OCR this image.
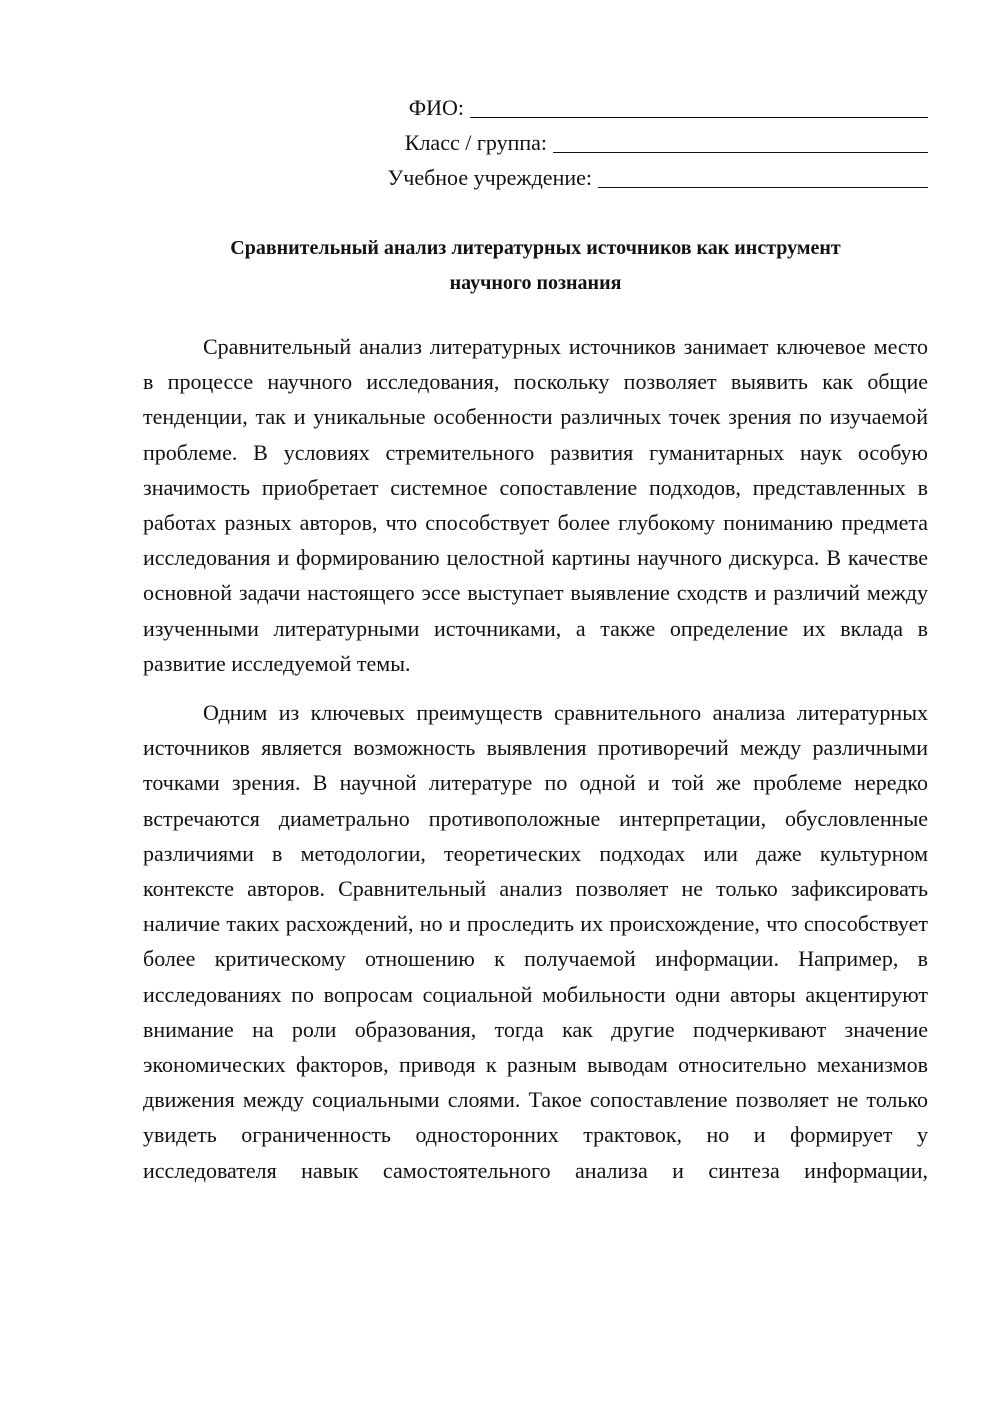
ФИО:
Класс / группа:
Учебное учреждение:
Сравнительный анализ литературных источников как инструмент
научного познания

Сравнительный анализ литературных источников занимает ключевое место в процессе научного исследования, поскольку позволяет выявить как общие тенденции, так и уникальные особенности различных точек зрения по изучаемой проблеме. В условиях стремительного развития гуманитарных наук особую значимость приобретает системное сопоставление подходов, представленных в работах разных авторов, что способствует более глубокому пониманию предмета исследования и формированию целостной картины научного дискурса. В качестве основной задачи настоящего эссе выступает выявление сходств и различий между изученными литературными источниками, а также определение их вклада в развитие исследуемой темы.

Одним из ключевых преимуществ сравнительного анализа литературных источников является возможность выявления противоречий между различными точками зрения. В научной литературе по одной и той же проблеме нередко встречаются диаметрально противоположные интерпретации, обусловленные различиями в методологии, теоретических подходах или даже культурном контексте авторов. Сравнительный анализ позволяет не только зафиксировать наличие таких расхождений, но и проследить их происхождение, что способствует более критическому отношению к получаемой информации. Например, в исследованиях по вопросам социальной мобильности одни авторы акцентируют внимание на роли образования, тогда как другие подчеркивают значение экономических факторов, приводя к разным выводам относительно механизмов движения между социальными слоями. Такое сопоставление позволяет не только увидеть ограниченность односторонних трактовок, но и формирует у исследователя навык самостоятельного анализа и синтеза информации,
